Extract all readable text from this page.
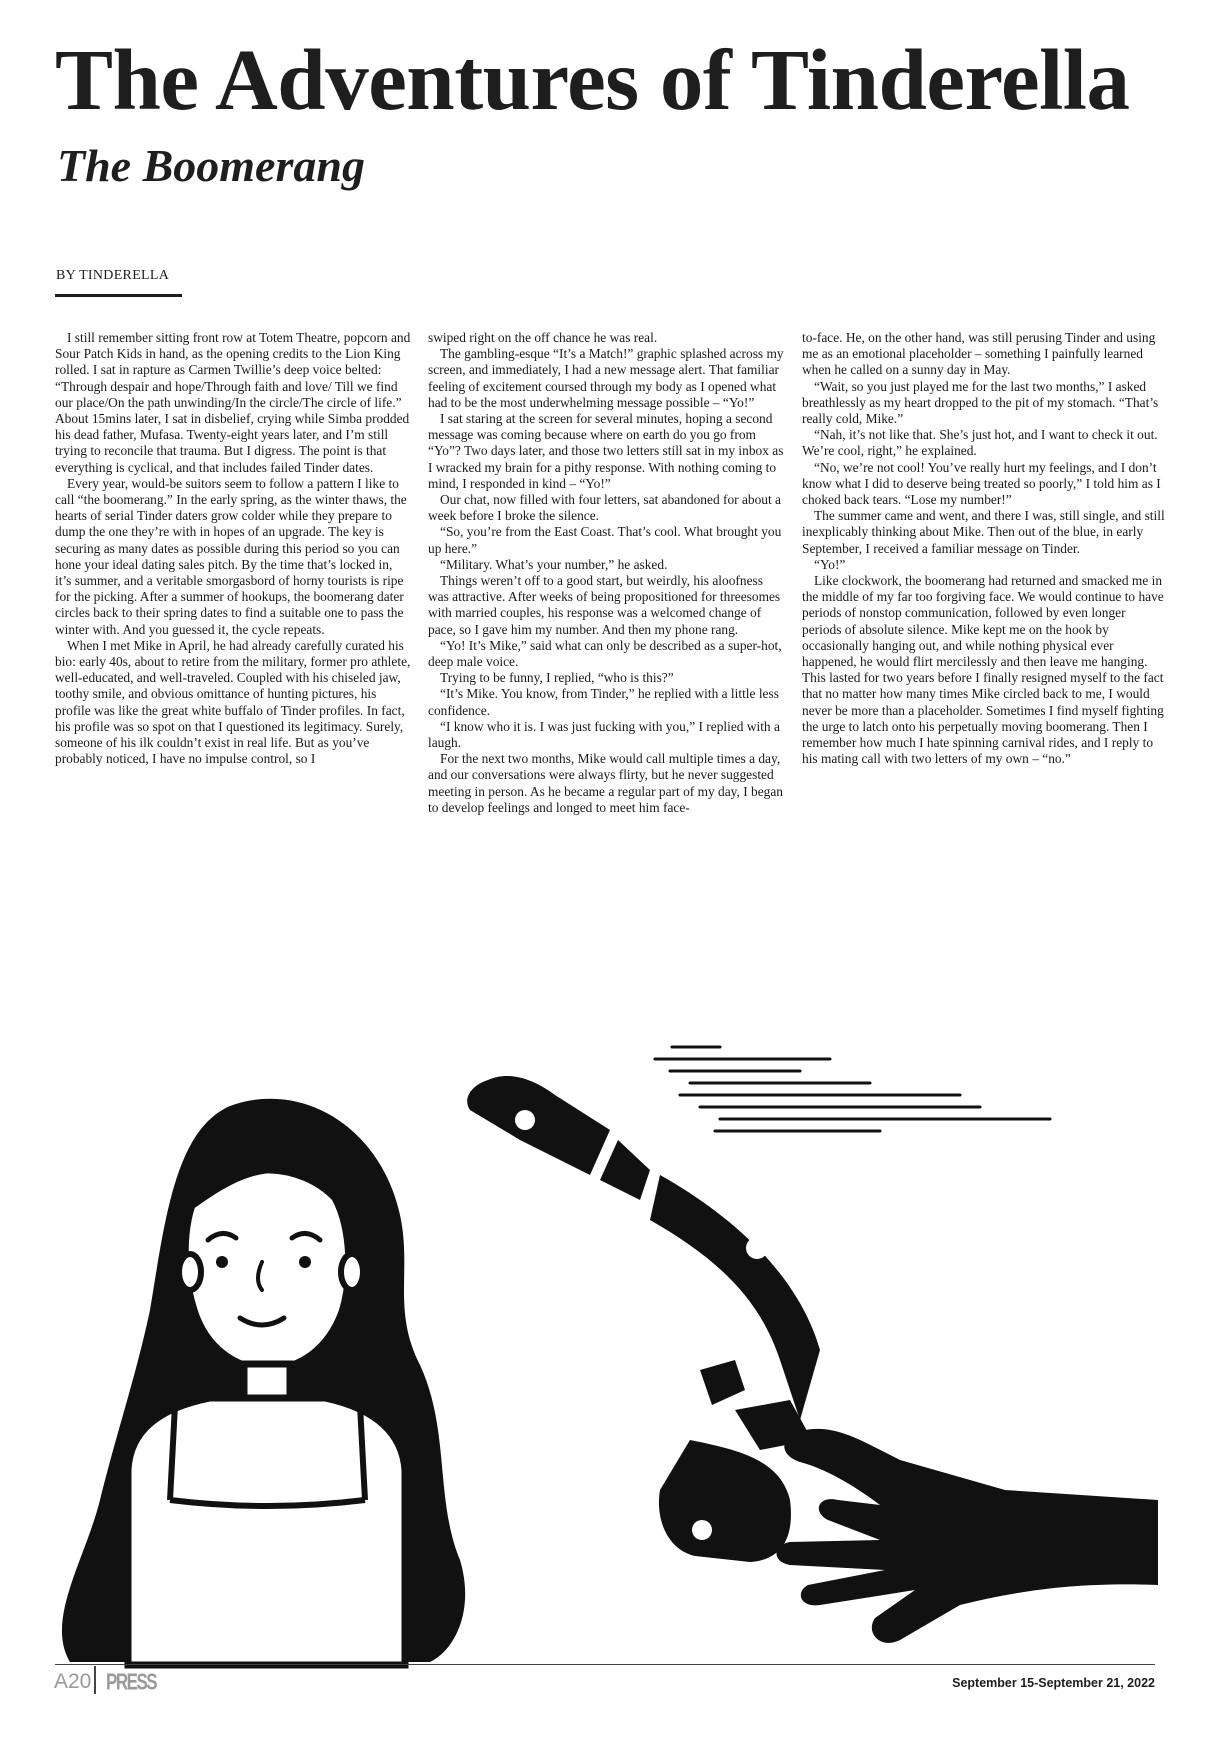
The Adventures of Tinderella
The Boomerang
BY TINDERELLA

I still remember sitting front row at Totem Theatre, popcorn and Sour Patch Kids in hand, as the opening credits to the Lion King rolled. I sat in rapture as Carmen Twillie’s deep voice belted: “Through despair and hope/Through faith and love/ Till we find our place/On the path unwinding/In the circle/The circle of life.” About 15mins later, I sat in disbelief, crying while Simba prodded his dead father, Mufasa. Twenty-eight years later, and I’m still trying to reconcile that trauma. But I digress. The point is that everything is cyclical, and that includes failed Tinder dates.

Every year, would-be suitors seem to follow a pattern I like to call “the boomerang.” In the early spring, as the winter thaws, the hearts of serial Tinder daters grow colder while they prepare to dump the one they’re with in hopes of an upgrade. The key is securing as many dates as possible during this period so you can hone your ideal dating sales pitch. By the time that’s locked in, it’s summer, and a veritable smorgasbord of horny tourists is ripe for the picking. After a summer of hookups, the boomerang dater circles back to their spring dates to find a suitable one to pass the winter with. And you guessed it, the cycle repeats.

When I met Mike in April, he had already carefully curated his bio: early 40s, about to retire from the military, former pro athlete, well-educated, and well-traveled. Coupled with his chiseled jaw, toothy smile, and obvious omittance of hunting pictures, his profile was like the great white buffalo of Tinder profiles. In fact, his profile was so spot on that I questioned its legitimacy. Surely, someone of his ilk couldn’t exist in real life. But as you’ve probably noticed, I have no impulse control, so I

swiped right on the off chance he was real.

The gambling-esque “It’s a Match!” graphic splashed across my screen, and immediately, I had a new message alert. That familiar feeling of excitement coursed through my body as I opened what had to be the most underwhelming message possible – “Yo!”

I sat staring at the screen for several minutes, hoping a second message was coming because where on earth do you go from “Yo”? Two days later, and those two letters still sat in my inbox as I wracked my brain for a pithy response. With nothing coming to mind, I responded in kind – “Yo!”

Our chat, now filled with four letters, sat abandoned for about a week before I broke the silence.

“So, you’re from the East Coast. That’s cool. What brought you up here.”

“Military. What’s your number,” he asked.

Things weren’t off to a good start, but weirdly, his aloofness was attractive. After weeks of being propositioned for threesomes with married couples, his response was a welcomed change of pace, so I gave him my number. And then my phone rang.

“Yo! It’s Mike,” said what can only be described as a super-hot, deep male voice.

Trying to be funny, I replied, “who is this?”

“It’s Mike. You know, from Tinder,” he replied with a little less confidence.

“I know who it is. I was just fucking with you,” I replied with a laugh.

For the next two months, Mike would call multiple times a day, and our conversations were always flirty, but he never suggested meeting in person. As he became a regular part of my day, I began to develop feelings and longed to meet him face-

to-face. He, on the other hand, was still perusing Tinder and using me as an emotional placeholder – something I painfully learned when he called on a sunny day in May.

“Wait, so you just played me for the last two months,” I asked breathlessly as my heart dropped to the pit of my stomach. “That’s really cold, Mike.”

“Nah, it’s not like that. She’s just hot, and I want to check it out. We’re cool, right,” he explained.

“No, we’re not cool! You’ve really hurt my feelings, and I don’t know what I did to deserve being treated so poorly,” I told him as I choked back tears. “Lose my number!”

The summer came and went, and there I was, still single, and still inexplicably thinking about Mike. Then out of the blue, in early September, I received a familiar message on Tinder.

“Yo!”

Like clockwork, the boomerang had returned and smacked me in the middle of my far too forgiving face. We would continue to have periods of nonstop communication, followed by even longer periods of absolute silence. Mike kept me on the hook by occasionally hanging out, and while nothing physical ever happened, he would flirt mercilessly and then leave me hanging. This lasted for two years before I finally resigned myself to the fact that no matter how many times Mike circled back to me, I would never be more than a placeholder. Sometimes I find myself fighting the urge to latch onto his perpetually moving boomerang. Then I remember how much I hate spinning carnival rides, and I reply to his mating call with two letters of my own – “no.”

A20 PRESS	September 15-September 21, 2022
